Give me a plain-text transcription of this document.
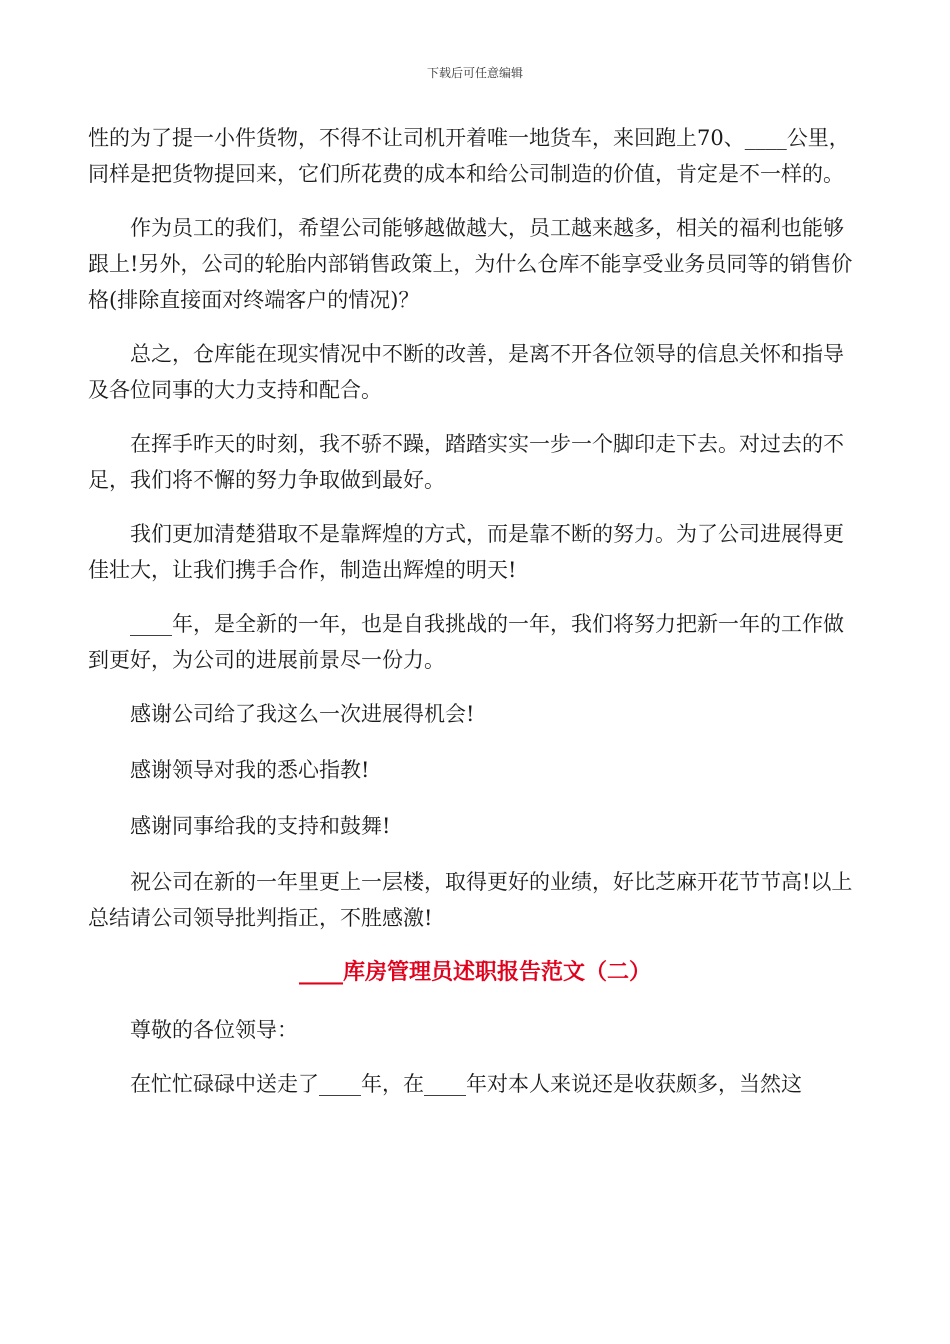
下载后可任意编辑

性的为了提一小件货物，不得不让司机开着唯一地货车，来回跑上70、____公里，同样是把货物提回来，它们所花费的成本和给公司制造的价值，肯定是不一样的。

作为员工的我们，希望公司能够越做越大，员工越来越多，相关的福利也能够跟上!另外，公司的轮胎内部销售政策上，为什么仓库不能享受业务员同等的销售价格(排除直接面对终端客户的情况)？

总之，仓库能在现实情况中不断的改善，是离不开各位领导的信息关怀和指导及各位同事的大力支持和配合。

在挥手昨天的时刻，我不骄不躁，踏踏实实一步一个脚印走下去。对过去的不足，我们将不懈的努力争取做到最好。

我们更加清楚猎取不是靠辉煌的方式，而是靠不断的努力。为了公司进展得更佳壮大，让我们携手合作，制造出辉煌的明天!

____年，是全新的一年，也是自我挑战的一年，我们将努力把新一年的工作做到更好，为公司的进展前景尽一份力。

感谢公司给了我这么一次进展得机会!

感谢领导对我的悉心指教!

感谢同事给我的支持和鼓舞!

祝公司在新的一年里更上一层楼，取得更好的业绩，好比芝麻开花节节高!以上总结请公司领导批判指正，不胜感激!

____库房管理员述职报告范文（二）

尊敬的各位领导：

在忙忙碌碌中送走了____年，在____年对本人来说还是收获颇多，当然这
